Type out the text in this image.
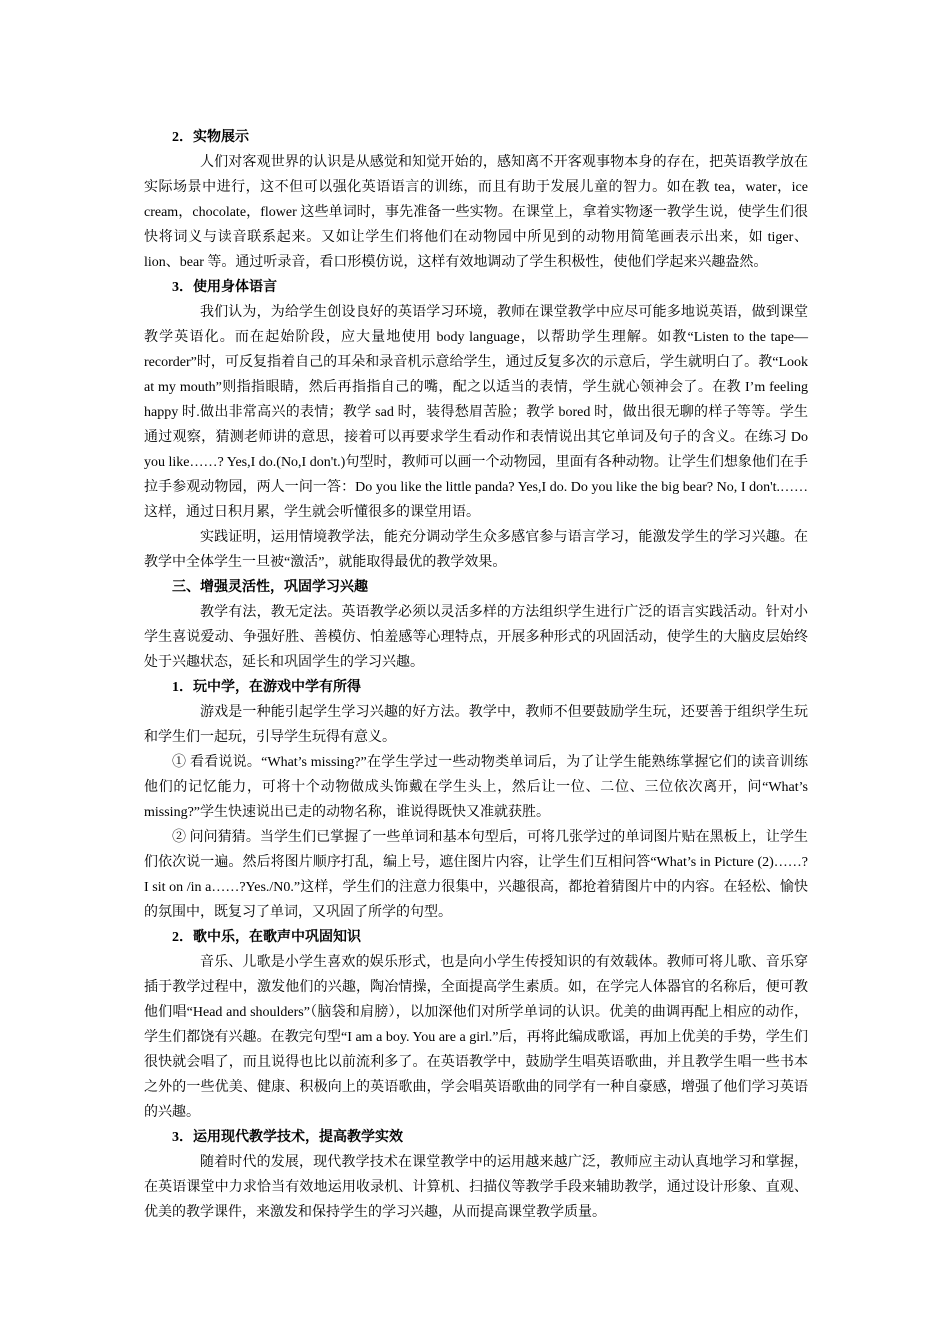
2．实物展示

人们对客观世界的认识是从感觉和知觉开始的，感知离不开客观事物本身的存在，把英语教学放在实际场景中进行，这不但可以强化英语语言的训练，而且有助于发展儿童的智力。如在教 tea，water，ice cream，chocolate，flower 这些单词时，事先准备一些实物。在课堂上，拿着实物逐一教学生说，使学生们很快将词义与读音联系起来。又如让学生们将他们在动物园中所见到的动物用简笔画表示出来，如 tiger、lion、bear 等。通过听录音，看口形模仿说，这样有效地调动了学生积极性，使他们学起来兴趣盎然。

3．使用身体语言

我们认为，为给学生创设良好的英语学习环境，教师在课堂教学中应尽可能多地说英语，做到课堂教学英语化。而在起始阶段，应大量地使用 body language，以帮助学生理解。如教“Listen to the tape—recorder”时，可反复指着自己的耳朵和录音机示意给学生，通过反复多次的示意后，学生就明白了。教“Look at my mouth”则指指眼睛，然后再指指自己的嘴，配之以适当的表情，学生就心领神会了。在教 I’m feeling happy 时.做出非常高兴的表情；教学 sad 时，装得愁眉苦脸；教学 bored 时，做出很无聊的样子等等。学生通过观察，猜测老师讲的意思，接着可以再要求学生看动作和表情说出其它单词及句子的含义。在练习 Do you like……? Yes,I do.(No,I don't.)句型时，教师可以画一个动物园，里面有各种动物。让学生们想象他们在手拉手参观动物园，两人一问一答：Do you like the little panda? Yes,I do. Do you like the big bear? No, I don't.……这样，通过日积月累，学生就会听懂很多的课堂用语。

实践证明，运用情境教学法，能充分调动学生众多感官参与语言学习，能激发学生的学习兴趣。在教学中全体学生一旦被“激活”，就能取得最优的教学效果。

三、增强灵活性，巩固学习兴趣

教学有法，教无定法。英语教学必须以灵活多样的方法组织学生进行广泛的语言实践活动。针对小学生喜说爱动、争强好胜、善模仿、怕羞感等心理特点，开展多种形式的巩固活动，使学生的大脑皮层始终处于兴趣状态，延长和巩固学生的学习兴趣。

1．玩中学，在游戏中学有所得

游戏是一种能引起学生学习兴趣的好方法。教学中，教师不但要鼓励学生玩，还要善于组织学生玩和学生们一起玩，引导学生玩得有意义。

① 看看说说。“What’s missing?”在学生学过一些动物类单词后，为了让学生能熟练掌握它们的读音训练他们的记忆能力，可将十个动物做成头饰戴在学生头上，然后让一位、二位、三位依次离开，问“What’s missing?”学生快速说出已走的动物名称，谁说得既快又准就获胜。

② 问问猜猜。当学生们已掌握了一些单词和基本句型后，可将几张学过的单词图片贴在黑板上，让学生们依次说一遍。然后将图片顺序打乱，编上号，遮住图片内容，让学生们互相问答“What’s in Picture (2)……?I sit on /in a……?Yes./N0.”这样，学生们的注意力很集中，兴趣很高，都抢着猜图片中的内容。在轻松、愉快的氛围中，既复习了单词，又巩固了所学的句型。

2．歌中乐，在歌声中巩固知识

音乐、儿歌是小学生喜欢的娱乐形式，也是向小学生传授知识的有效载体。教师可将儿歌、音乐穿插于教学过程中，激发他们的兴趣，陶冶情操，全面提高学生素质。如，在学完人体器官的名称后，便可教他们唱“Head and shoulders”（脑袋和肩膀），以加深他们对所学单词的认识。优美的曲调再配上相应的动作，学生们都饶有兴趣。在教完句型“I am a boy. You are a girl.”后，再将此编成歌谣，再加上优美的手势，学生们很快就会唱了，而且说得也比以前流利多了。在英语教学中，鼓励学生唱英语歌曲，并且教学生唱一些书本之外的一些优美、健康、积极向上的英语歌曲，学会唱英语歌曲的同学有一种自豪感，增强了他们学习英语的兴趣。

3．运用现代教学技术，提高教学实效

随着时代的发展，现代教学技术在课堂教学中的运用越来越广泛，教师应主动认真地学习和掌握，在英语课堂中力求恰当有效地运用收录机、计算机、扫描仪等教学手段来辅助教学，通过设计形象、直观、优美的教学课件，来激发和保持学生的学习兴趣，从而提高课堂教学质量。
